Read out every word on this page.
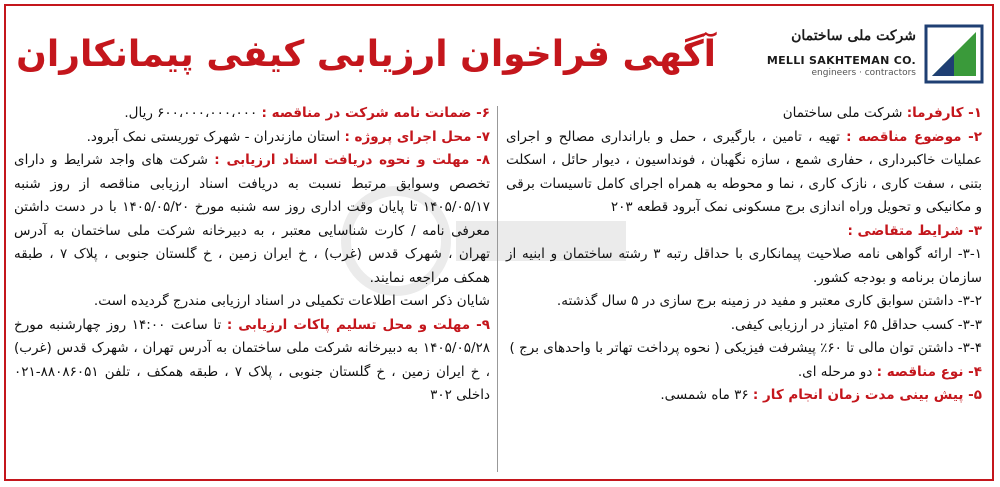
شرکت ملی ساختمان
MELLI SAKHTEMAN CO.
engineers · contractors
آگهی فراخوان ارزیابی کیفی پیمانکاران

۱- کارفرما: شرکت ملی ساختمان

۲- موضوع مناقصه : تهیه ، تامین ، بارگیری ، حمل و بارانداری مصالح و اجرای عملیات خاکبرداری ، حفاری شمع ، سازه نگهبان ، فونداسیون ، دیوار حائل ، اسکلت بتنی ، سفت کاری ، نازک کاری ، نما و محوطه به همراه اجرای کامل تاسیسات برقی و مکانیکی و تحویل وراه اندازی برج مسکونی نمک آبرود قطعه ۲۰۳

۳- شرایط متقاضی :

۳-۱- ارائه گواهی نامه صلاحیت پیمانکاری با حداقل رتبه ۳ رشته ساختمان و ابنیه از سازمان برنامه و بودجه کشور.

۳-۲- داشتن سوابق کاری معتبر و مفید در زمینه برج سازی در ۵ سال گذشته.

۳-۳- کسب حداقل ۶۵ امتیاز در ارزیابی کیفی.

۳-۴- داشتن توان مالی تا ۶۰٪ پیشرفت فیزیکی ( نحوه پرداخت تهاتر با واحدهای برج )

۴- نوع مناقصه : دو مرحله ای.

۵- پیش بینی مدت زمان انجام کار : ۳۶ ماه شمسی.

۶- ضمانت نامه شرکت در مناقصه : ۶۰۰،۰۰۰،۰۰۰،۰۰۰ ریال.

۷- محل اجرای پروژه : استان مازندران - شهرک توریستی نمک آبرود.

۸- مهلت و نحوه دریافت اسناد ارزیابی : شرکت های واجد شرایط و دارای تخصص وسوابق مرتبط نسبت به دریافت اسناد ارزیابی مناقصه از روز شنبه ۱۴۰۵/۰۵/۱۷ تا پایان وقت اداری روز سه شنبه مورخ ۱۴۰۵/۰۵/۲۰ با در دست داشتن معرفی نامه / کارت شناسایی معتبر ، به دبیرخانه شرکت ملی ساختمان به آدرس تهران ، شهرک قدس (غرب) ، خ ایران زمین ، خ گلستان جنوبی ، پلاک ۷ ، طبقه همکف مراجعه نمایند.

شایان ذکر است اطلاعات تکمیلی در اسناد ارزیابی مندرج گردیده است.

۹- مهلت و محل تسلیم پاکات ارزیابی : تا ساعت ۱۴:۰۰ روز چهارشنبه مورخ ۱۴۰۵/۰۵/۲۸ به دبیرخانه شرکت ملی ساختمان به آدرس تهران ، شهرک قدس (غرب) ، خ ایران زمین ، خ گلستان جنوبی ، پلاک ۷ ، طبقه همکف ، تلفن ۸۸۰۸۶۰۵۱-۰۲۱ داخلی ۳۰۲
